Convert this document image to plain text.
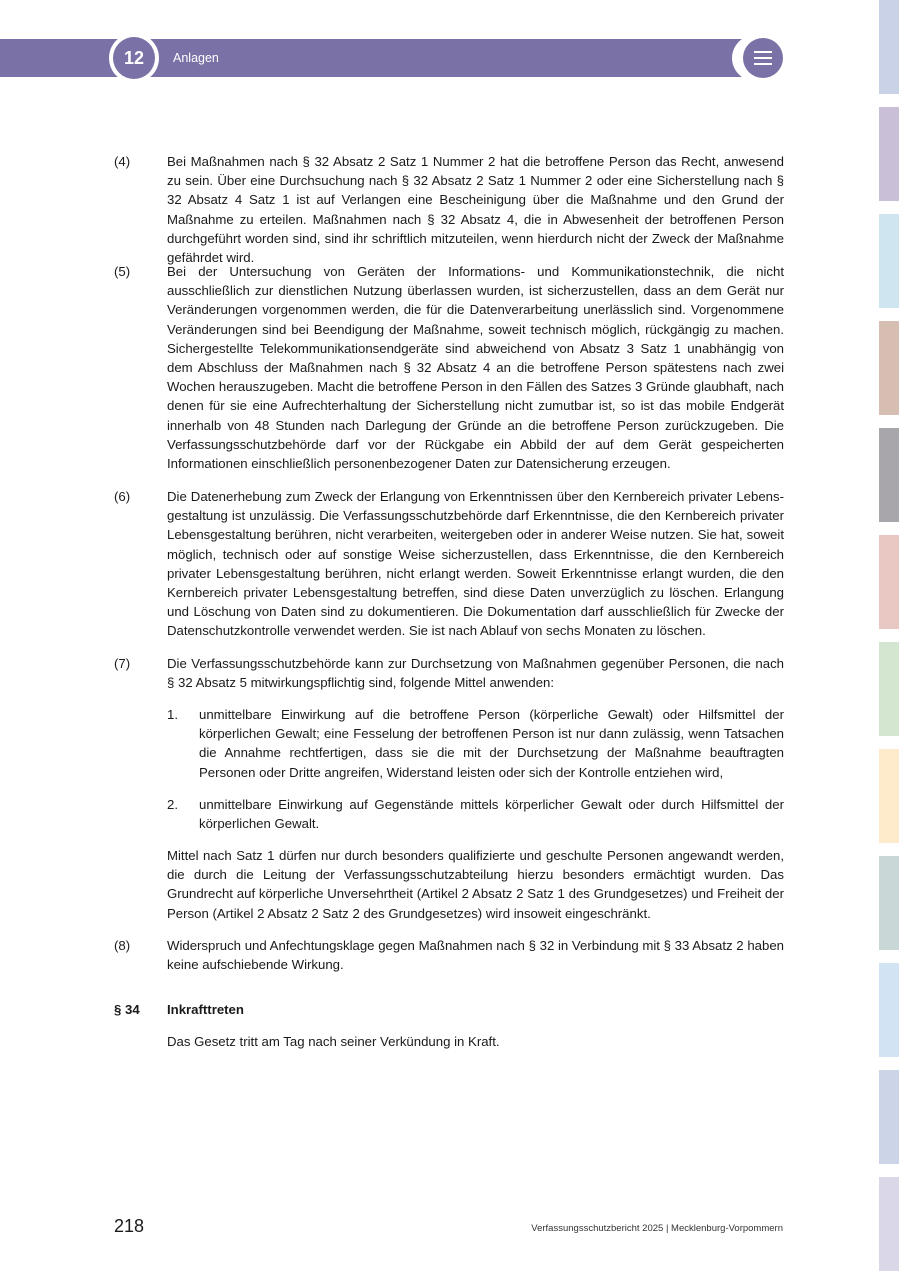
12	Anlagen
(4)	Bei Maßnahmen nach § 32 Absatz 2 Satz 1 Nummer 2 hat die betroffene Person das Recht, anwesend zu sein. Über eine Durchsuchung nach § 32 Absatz 2 Satz 1 Nummer 2 oder eine Sicherstellung nach § 32 Absatz 4 Satz 1 ist auf Verlangen eine Bescheinigung über die Maßnahme und den Grund der Maßnahme zu erteilen. Maßnahmen nach § 32 Absatz 4, die in Abwesenheit der betroffenen Person durchgeführt worden sind, sind ihr schriftlich mitzuteilen, wenn hierdurch nicht der Zweck der Maßnahme gefährdet wird.
(5)	Bei der Untersuchung von Geräten der Informations- und Kommunikationstechnik, die nicht ausschließlich zur dienstlichen Nutzung überlassen wurden, ist sicherzustellen, dass an dem Gerät nur Veränderungen vorgenommen werden, die für die Datenverarbeitung unerlässlich sind. Vorgenommene Veränderungen sind bei Beendigung der Maßnahme, soweit technisch möglich, rückgängig zu machen. Sichergestellte Telekommunikationsendgeräte sind abweichend von Absatz 3 Satz 1 unabhängig von dem Abschluss der Maßnahmen nach § 32 Absatz 4 an die betroffene Person spätestens nach zwei Wochen herauszugeben. Macht die betroffene Person in den Fällen des Satzes 3 Gründe glaubhaft, nach denen für sie eine Aufrechterhaltung der Sicherstellung nicht zumutbar ist, so ist das mobile Endgerät innerhalb von 48 Stunden nach Darlegung der Gründe an die betroffene Person zurückzugeben. Die Verfassungsschutzbehörde darf vor der Rückgabe ein Abbild der auf dem Gerät gespeicherten Informationen einschließlich personenbezogener Daten zur Datensicherung erzeugen.
(6)	Die Datenerhebung zum Zweck der Erlangung von Erkenntnissen über den Kernbereich privater Lebensgestaltung ist unzulässig. Die Verfassungsschutzbehörde darf Erkenntnisse, die den Kernbereich privater Lebensgestaltung berühren, nicht verarbeiten, weitergeben oder in anderer Weise nutzen. Sie hat, soweit möglich, technisch oder auf sonstige Weise sicherzustellen, dass Erkenntnisse, die den Kernbereich privater Lebensgestaltung berühren, nicht erlangt werden. Soweit Erkenntnisse erlangt wurden, die den Kernbereich privater Lebensgestaltung betreffen, sind diese Daten unverzüglich zu löschen. Erlangung und Löschung von Daten sind zu dokumentieren. Die Dokumentation darf ausschließlich für Zwecke der Datenschutzkontrolle verwendet werden. Sie ist nach Ablauf von sechs Monaten zu löschen.
(7)	Die Verfassungsschutzbehörde kann zur Durchsetzung von Maßnahmen gegenüber Personen, die nach § 32 Absatz 5 mitwirkungspflichtig sind, folgende Mittel anwenden:
1. unmittelbare Einwirkung auf die betroffene Person (körperliche Gewalt) oder Hilfsmittel der körperlichen Gewalt; eine Fesselung der betroffenen Person ist nur dann zulässig, wenn Tatsachen die Annahme rechtfertigen, dass sie die mit der Durchsetzung der Maßnahme beauftragten Personen oder Dritte angreifen, Widerstand leisten oder sich der Kontrolle entziehen wird,
2. unmittelbare Einwirkung auf Gegenstände mittels körperlicher Gewalt oder durch Hilfsmittel der körperlichen Gewalt.
Mittel nach Satz 1 dürfen nur durch besonders qualifizierte und geschulte Personen angewandt werden, die durch die Leitung der Verfassungsschutzabteilung hierzu besonders ermächtigt wurden. Das Grundrecht auf körperliche Unversehrtheit (Artikel 2 Absatz 2 Satz 1 des Grundgesetzes) und Freiheit der Person (Artikel 2 Absatz 2 Satz 2 des Grundgesetzes) wird insoweit eingeschränkt.
(8)	Widerspruch und Anfechtungsklage gegen Maßnahmen nach § 32 in Verbindung mit § 33 Absatz 2 haben keine aufschiebende Wirkung.
§ 34 Inkrafttreten
Das Gesetz tritt am Tag nach seiner Verkündung in Kraft.
218	Verfassungsschutzbericht 2025 | Mecklenburg-Vorpommern
